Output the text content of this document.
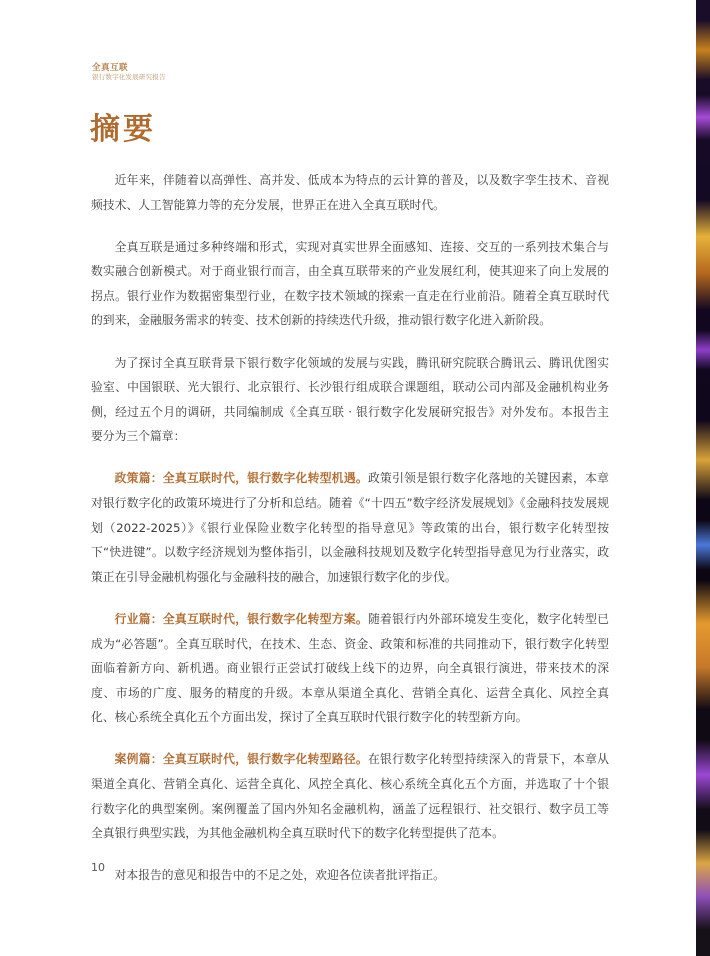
全真互联
银行数字化发展研究报告
摘要

近年来，伴随着以高弹性、高并发、低成本为特点的云计算的普及，以及数字孪生技术、音视频技术、人工智能算力等的充分发展，世界正在进入全真互联时代。

全真互联是通过多种终端和形式，实现对真实世界全面感知、连接、交互的一系列技术集合与数实融合创新模式。对于商业银行而言，由全真互联带来的产业发展红利，使其迎来了向上发展的拐点。银行业作为数据密集型行业，在数字技术领域的探索一直走在行业前沿。随着全真互联时代的到来，金融服务需求的转变、技术创新的持续迭代升级，推动银行数字化进入新阶段。

为了探讨全真互联背景下银行数字化领域的发展与实践，腾讯研究院联合腾讯云、腾讯优图实验室、中国银联、光大银行、北京银行、长沙银行组成联合课题组，联动公司内部及金融机构业务侧，经过五个月的调研，共同编制成《全真互联 · 银行数字化发展研究报告》对外发布。本报告主要分为三个篇章：

政策篇：全真互联时代，银行数字化转型机遇。政策引领是银行数字化落地的关键因素，本章对银行数字化的政策环境进行了分析和总结。随着《“十四五”数字经济发展规划》《金融科技发展规划（2022-2025）》《银行业保险业数字化转型的指导意见》等政策的出台，银行数字化转型按下“快进键”。以数字经济规划为整体指引，以金融科技规划及数字化转型指导意见为行业落实，政策正在引导金融机构强化与金融科技的融合，加速银行数字化的步伐。

行业篇：全真互联时代，银行数字化转型方案。随着银行内外部环境发生变化，数字化转型已成为“必答题”。全真互联时代，在技术、生态、资金、政策和标准的共同推动下，银行数字化转型面临着新方向、新机遇。商业银行正尝试打破线上线下的边界，向全真银行演进，带来技术的深度、市场的广度、服务的精度的升级。本章从渠道全真化、营销全真化、运营全真化、风控全真化、核心系统全真化五个方面出发，探讨了全真互联时代银行数字化的转型新方向。

案例篇：全真互联时代，银行数字化转型路径。在银行数字化转型持续深入的背景下，本章从渠道全真化、营销全真化、运营全真化、风控全真化、核心系统全真化五个方面，并选取了十个银行数字化的典型案例。案例覆盖了国内外知名金融机构，涵盖了远程银行、社交银行、数字员工等全真银行典型实践，为其他金融机构全真互联时代下的数字化转型提供了范本。

对本报告的意见和报告中的不足之处，欢迎各位读者批评指正。

10
